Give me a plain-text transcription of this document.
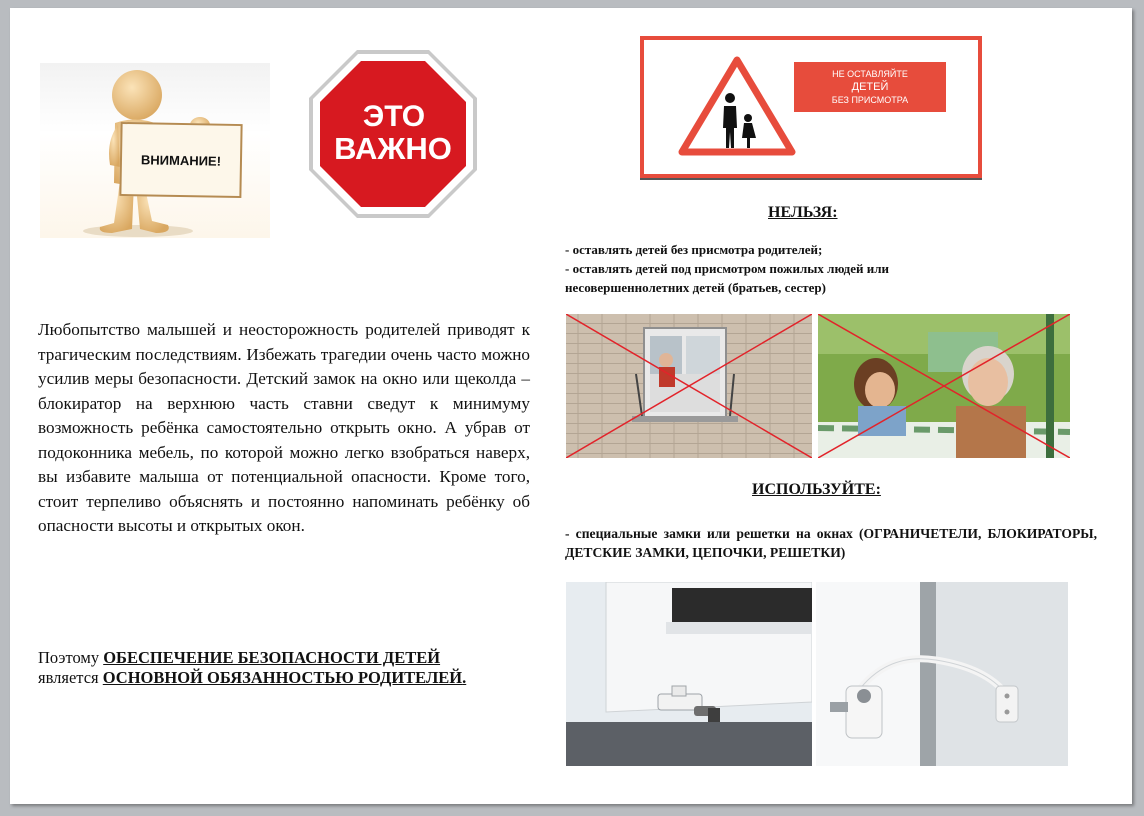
ВНИМАНИЕ!
ЭТО
ВАЖНО
НЕ ОСТАВЛЯЙТЕ
ДЕТЕЙ
БЕЗ ПРИСМОТРА
НЕЛЬЗЯ:
- оставлять детей без присмотра родителей;
- оставлять детей под присмотром пожилых людей или
несовершеннолетних детей (братьев, сестер)
ИСПОЛЬЗУЙТЕ:
- специальные замки или решетки на окнах (ОГРАНИЧЕТЕЛИ, БЛОКИРАТОРЫ, ДЕТСКИЕ ЗАМКИ, ЦЕПОЧКИ, РЕШЕТКИ)
Любопытство малышей и неосторожность родителей приводят к трагическим последствиям. Избежать трагедии очень часто можно усилив меры безопасности. Детский замок на окно или щеколда – блокиратор на верхнюю часть ставни сведут к минимуму возможность ребёнка самостоятельно открыть окно. А убрав от подоконника мебель, по которой можно легко взобраться наверх, вы избавите малыша от потенциальной опасности. Кроме того, стоит терпеливо объяснять и постоянно напоминать ребёнку об опасности высоты и открытых окон.
Поэтому ОБЕСПЕЧЕНИЕ БЕЗОПАСНОСТИ ДЕТЕЙ
является ОСНОВНОЙ ОБЯЗАННОСТЬЮ РОДИТЕЛЕЙ.
